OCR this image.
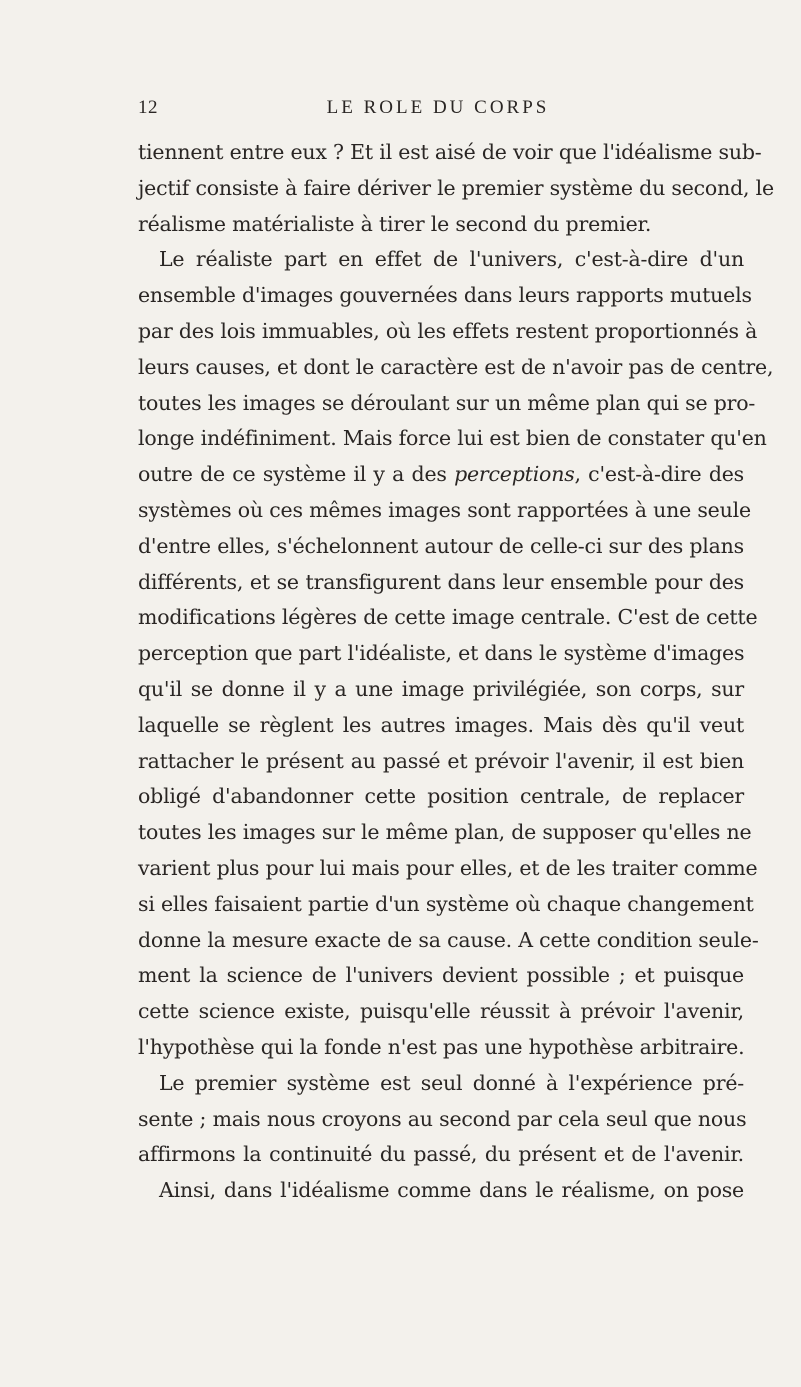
12	LE ROLE DU CORPS
tiennent entre eux ? Et il est aisé de voir que l'idéalisme sub-
jectif consiste à faire dériver le premier système du second, le
réalisme matérialiste à tirer le second du premier.
Le réaliste part en effet de l'univers, c'est-à-dire d'un
ensemble d'images gouvernées dans leurs rapports mutuels
par des lois immuables, où les effets restent proportionnés à
leurs causes, et dont le caractère est de n'avoir pas de centre,
toutes les images se déroulant sur un même plan qui se pro-
longe indéfiniment. Mais force lui est bien de constater qu'en
outre de ce système il y a des perceptions, c'est-à-dire des
systèmes où ces mêmes images sont rapportées à une seule
d'entre elles, s'échelonnent autour de celle-ci sur des plans
différents, et se transfigurent dans leur ensemble pour des
modifications légères de cette image centrale. C'est de cette
perception que part l'idéaliste, et dans le système d'images
qu'il se donne il y a une image privilégiée, son corps, sur
laquelle se règlent les autres images. Mais dès qu'il veut
rattacher le présent au passé et prévoir l'avenir, il est bien
obligé d'abandonner cette position centrale, de replacer
toutes les images sur le même plan, de supposer qu'elles ne
varient plus pour lui mais pour elles, et de les traiter comme
si elles faisaient partie d'un système où chaque changement
donne la mesure exacte de sa cause. A cette condition seule-
ment la science de l'univers devient possible ; et puisque
cette science existe, puisqu'elle réussit à prévoir l'avenir,
l'hypothèse qui la fonde n'est pas une hypothèse arbitraire.
Le premier système est seul donné à l'expérience pré-
sente ; mais nous croyons au second par cela seul que nous
affirmons la continuité du passé, du présent et de l'avenir.
Ainsi, dans l'idéalisme comme dans le réalisme, on pose
